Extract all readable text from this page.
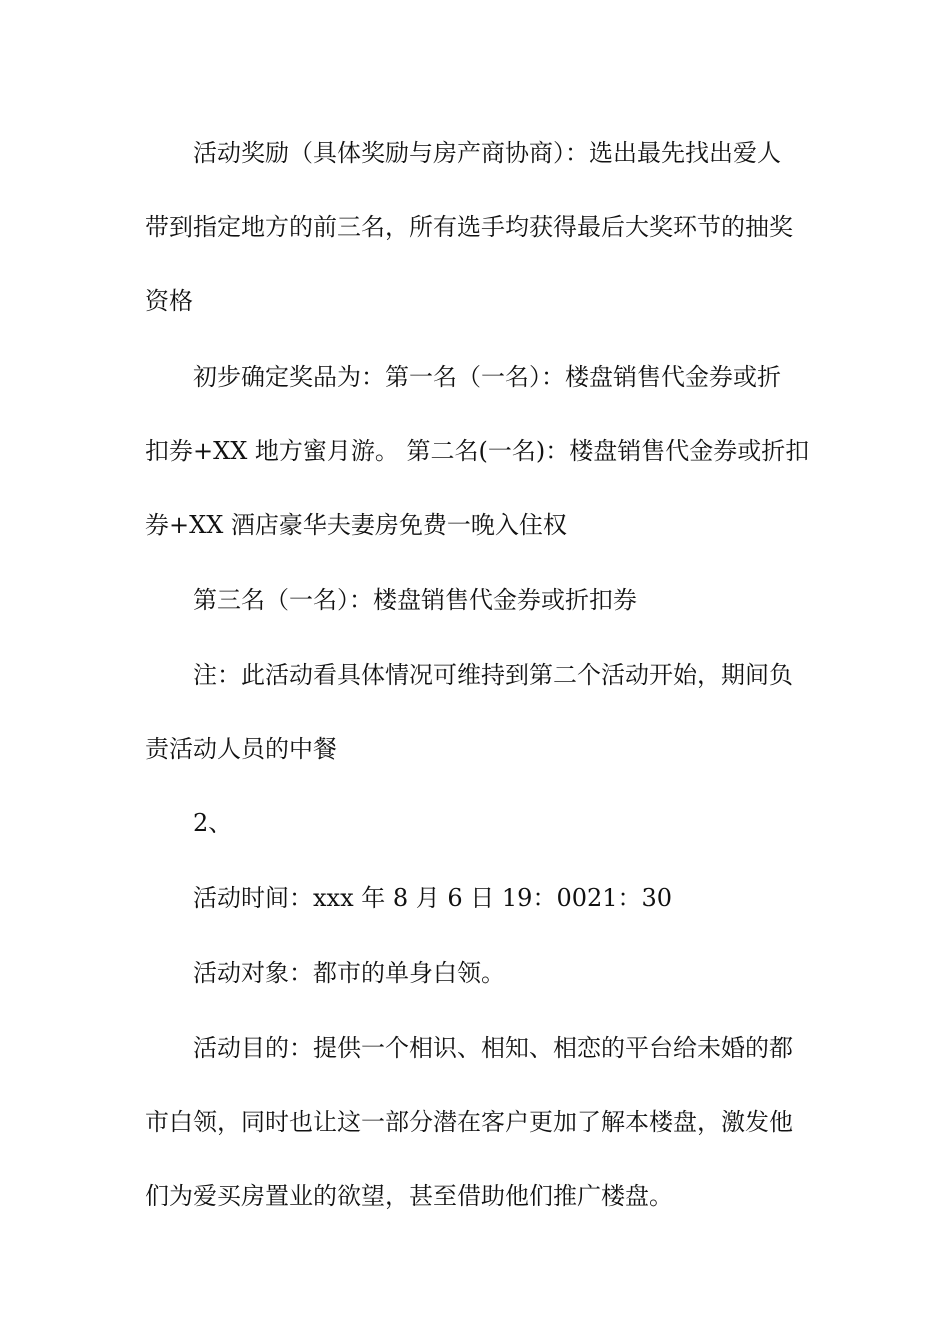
活动奖励（具体奖励与房产商协商）：选出最先找出爱人

带到指定地方的前三名，所有选手均获得最后大奖环节的抽奖

资格

初步确定奖品为：第一名（一名）：楼盘销售代金券或折

扣券+XX 地方蜜月游。 第二名(一名)：楼盘销售代金券或折扣

券+XX 酒店豪华夫妻房免费一晚入住权

第三名（一名）：楼盘销售代金券或折扣券

注：此活动看具体情况可维持到第二个活动开始，期间负

责活动人员的中餐

2、

活动时间：xxx 年 8 月 6 日 19：0021：30

活动对象：都市的单身白领。

活动目的：提供一个相识、相知、相恋的平台给未婚的都

市白领，同时也让这一部分潜在客户更加了解本楼盘，激发他

们为爱买房置业的欲望，甚至借助他们推广楼盘。
